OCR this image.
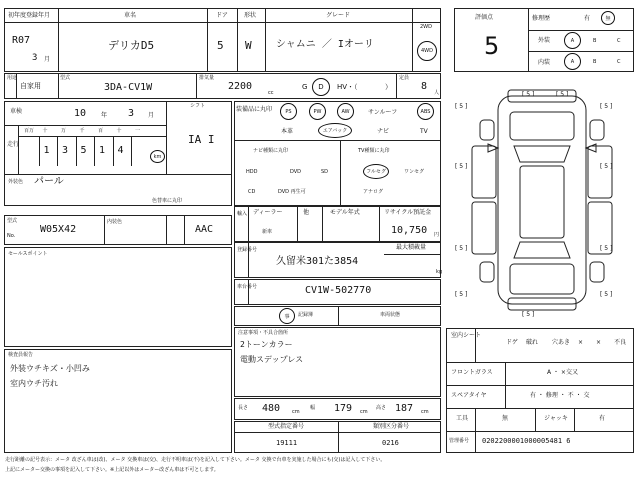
初年度登録年月
R07
3 月
車名
デリカD5
ドア
5
形状
W
グレード
シャムニ ／ Iオーリ
2WD
4WD
評価点
5
修理歴	有	無
外装	A	B	C
内装	A	B	C
用途
自家用
型式
3DA-CV1W
排気量
2200
cc
G D HV・（	）
定員
8
人
車検	10 年 3 月
走行
百万 十
1
万
3
千
5
百
1
十
4
一
シフト
IA I
km
外装色 パール
色替車に丸印
装備品に丸印	PS	PW	AW	サンルーフ	ABS
本革	エアバック	ナビ	TV
ナビ種類に丸印
HDD	DVD	SD
CD	DVD 再生可
TV種類に丸印
フルセグ	ワンセグ
アナログ
型式
No.
W05X42
内装色
AAC
セールスポイント
検査員報告
外装ウチキズ・小凹み
室内ウチ汚れ
輸入 ディーラー	他
新車
モデル年式	リサイクル預託金
10,750 円
登録番号
久留米301た3854
最大積載量
kg
車台番号	CV1W-502770
事 記録簿	車両状態
注意事項・不具合箇所
2トーンカラー
電動スデップレス
長さ 480 cm
幅 179 cm
高さ 187 cm
型式指定番号
19111
類別区分番号
0216
[ 5 ]
[ 5 ]
[ 5 ]
[ 5 ]
[ 5 ]
[ 5 ]
[ 5 ]
[ 5 ]
[ 5 ]
[ 5 ]
[ 5 ]
室内シート
ドゲ 破れ 穴あき × × 不良
フロントガラス	A ・ ×交又
スペアタイヤ	有 ・ 修理 ・ 不 ・ 交
工具	無	ジャッキ	有
管理番号 0202200001000005481 6
走行距離の記号表示：メータ 改ざん車は(改)、メータ 交換車は(交)、走行不明車は(不)を記入して下さい。メータ 交換で台車を実施した場合にも(交)は記入して下さい。
上記にメーター交換の事項を記入して下さい。※上記以外はメーター改ざん車は不可とします。
